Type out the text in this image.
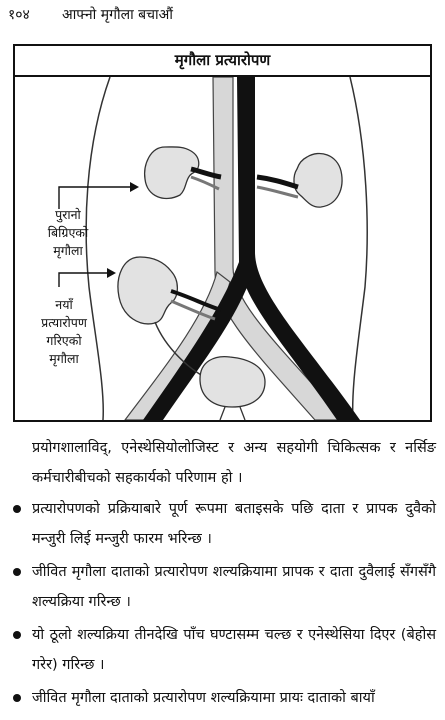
१०४ आफ्नो मृगौला बचाऔं
मृगौला प्रत्यारोपण
पुरानो
बिग्रिएको
मृगौला
नयाँ
प्रत्यारोपण
गरिएको
मृगौला
प्रयोगशालाविद्, एनेस्थेसियोलोजिस्ट र अन्य सहयोगी चिकित्सक र नर्सिङ कर्मचारीबीचको सहकार्यको परिणाम हो ।
प्रत्यारोपणको प्रक्रियाबारे पूर्ण रूपमा बताइसके पछि दाता र प्रापक दुवैको मन्जुरी लिई मन्जुरी फारम भरिन्छ ।
जीवित मृगौला दाताको प्रत्यारोपण शल्यक्रियामा प्रापक र दाता दुवैलाई सँगसँगै शल्यक्रिया गरिन्छ ।
यो ठूलो शल्यक्रिया तीनदेखि पाँच घण्टासम्म चल्छ र एनेस्थेसिया दिएर (बेहोस गरेर) गरिन्छ ।
जीवित मृगौला दाताको प्रत्यारोपण शल्यक्रियामा प्रायः दाताको बायाँ
